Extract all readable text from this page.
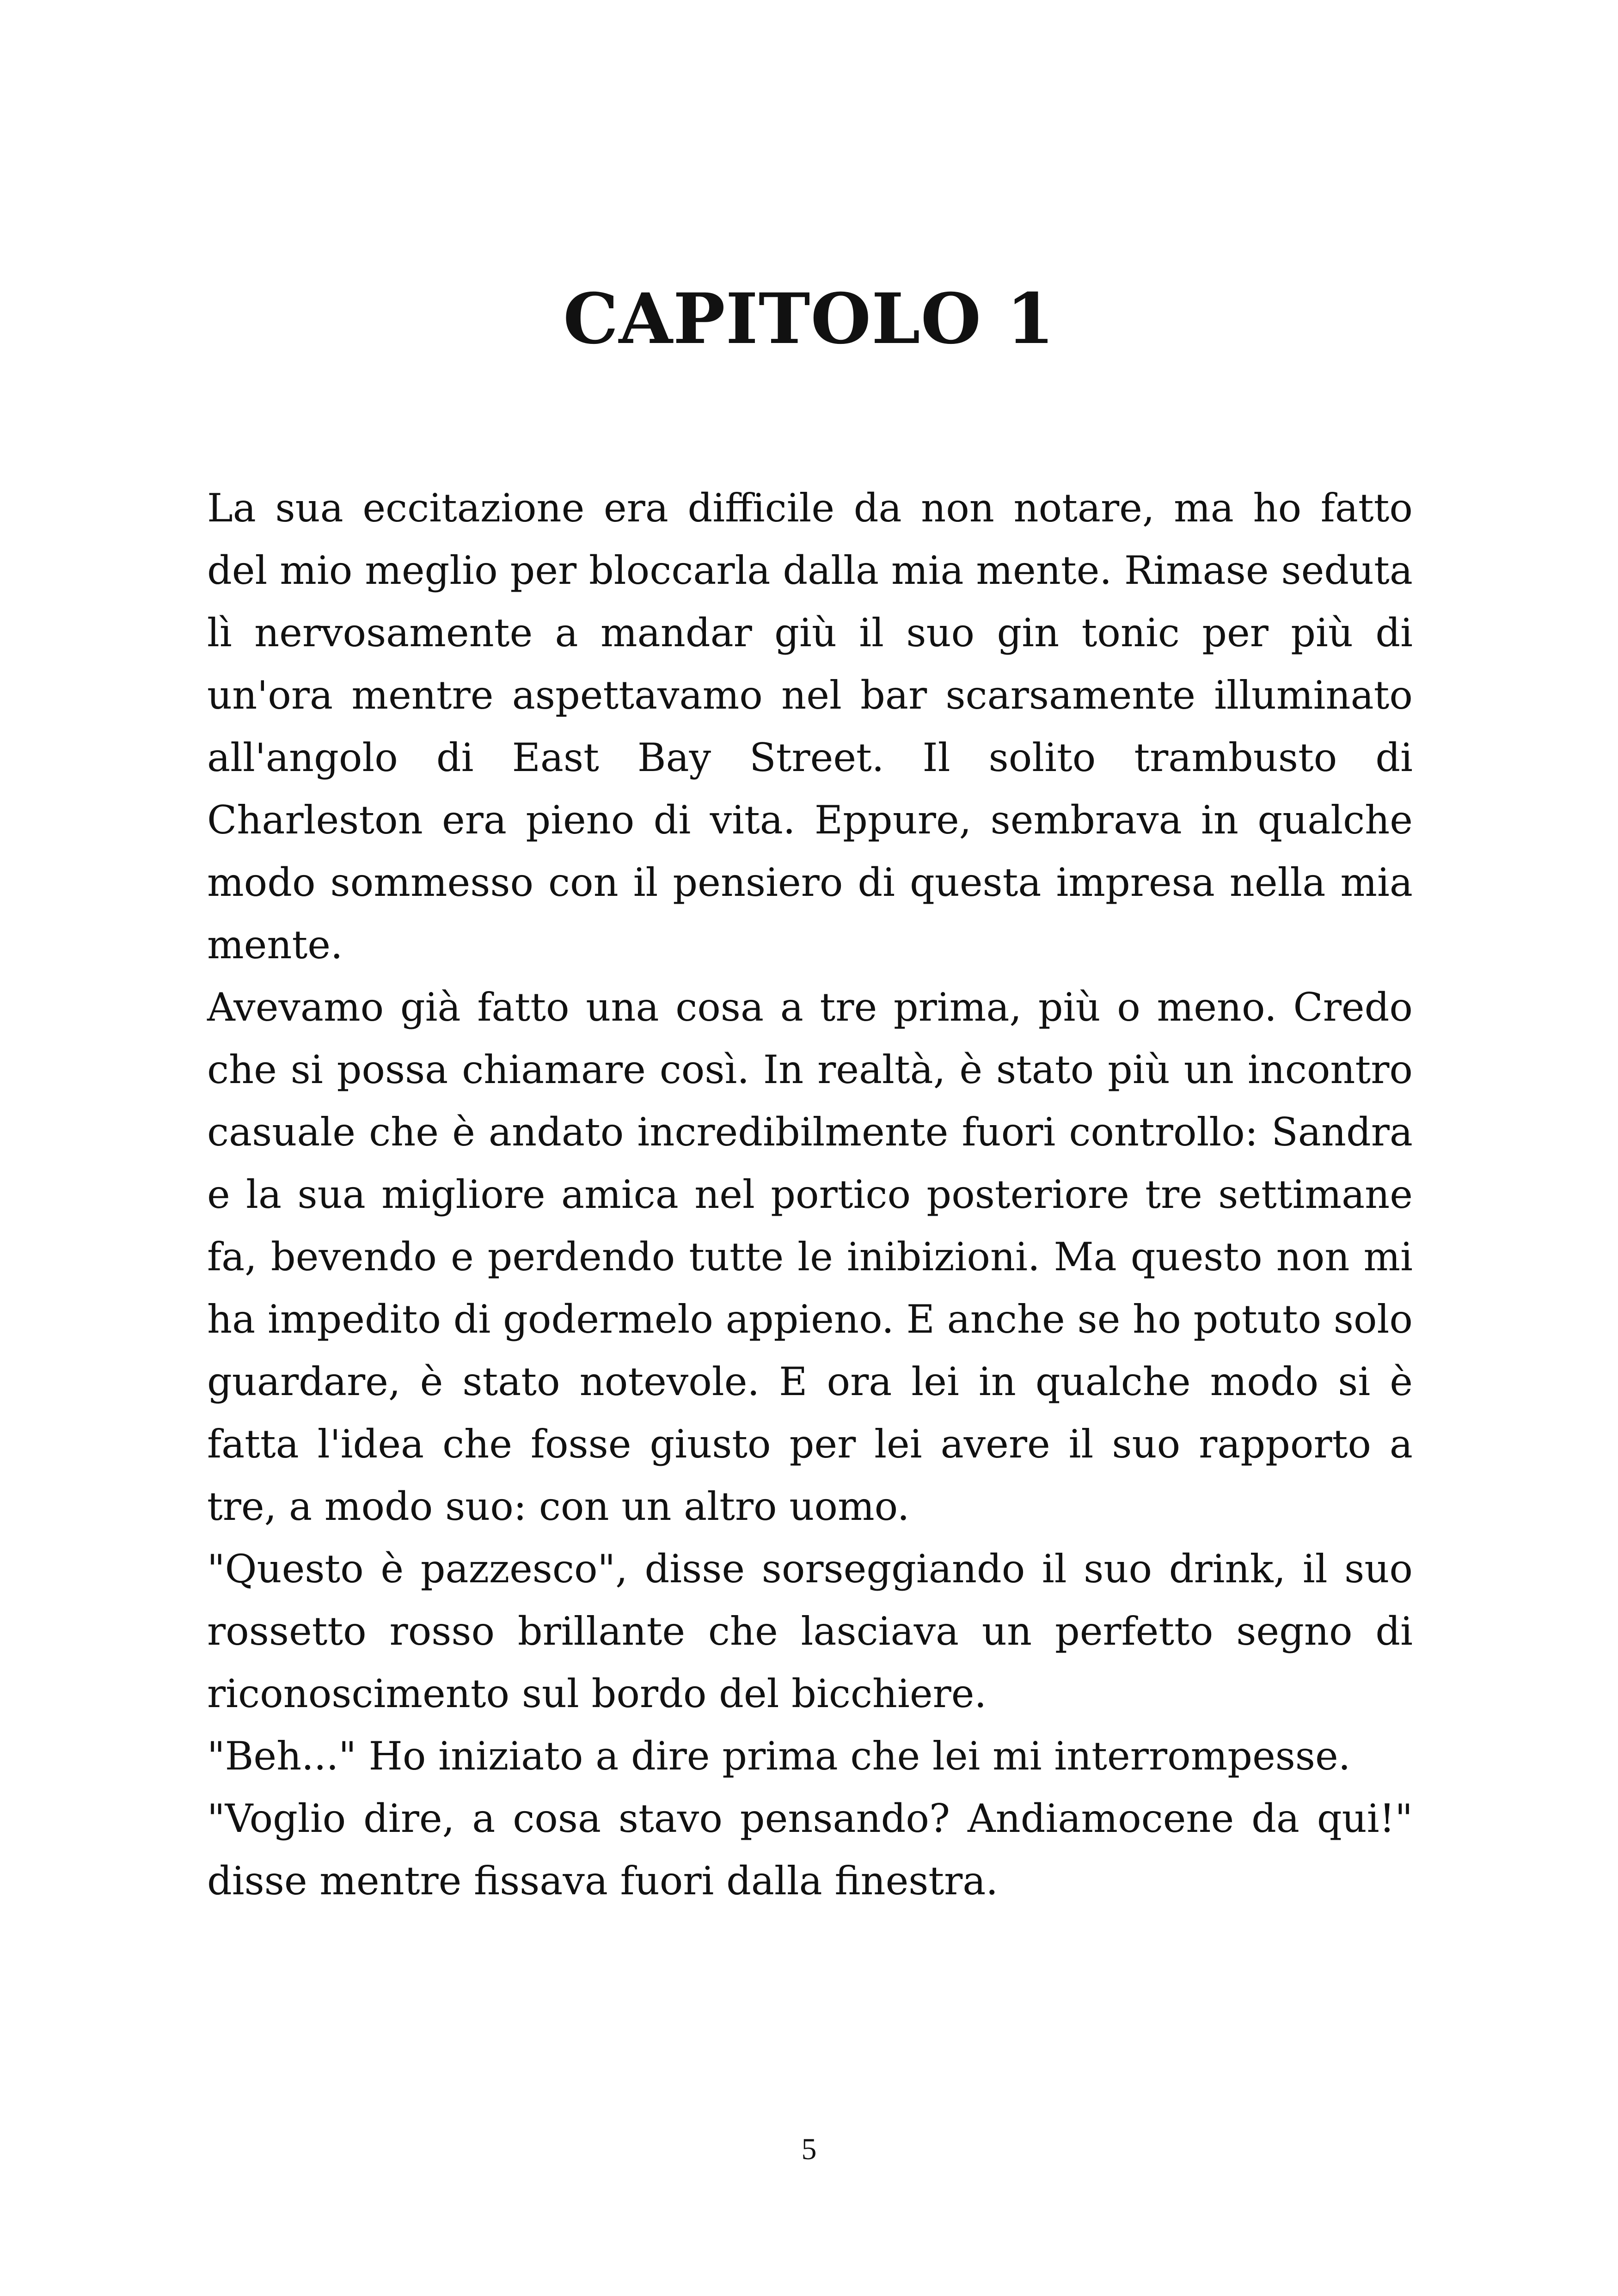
CAPITOLO 1

La sua eccitazione era difficile da non notare, ma ho fatto del mio meglio per bloccarla dalla mia mente. Rimase seduta lì nervosamente a mandar giù il suo gin tonic per più di un'ora mentre aspettavamo nel bar scarsamente illuminato all'angolo di East Bay Street. Il solito trambusto di Charleston era pieno di vita. Eppure, sembrava in qualche modo sommesso con il pensiero di questa impresa nella mia mente.

Avevamo già fatto una cosa a tre prima, più o meno. Credo che si possa chiamare così. In realtà, è stato più un incontro casuale che è andato incredibilmente fuori controllo: Sandra e la sua migliore amica nel portico posteriore tre settimane fa, bevendo e perdendo tutte le inibizioni. Ma questo non mi ha impedito di godermelo appieno. E anche se ho potuto solo guardare, è stato notevole. E ora lei in qualche modo si è fatta l'idea che fosse giusto per lei avere il suo rapporto a tre, a modo suo: con un altro uomo.

"Questo è pazzesco", disse sorseggiando il suo drink, il suo rossetto rosso brillante che lasciava un perfetto segno di riconoscimento sul bordo del bicchiere.

"Beh..." Ho iniziato a dire prima che lei mi interrompesse.

"Voglio dire, a cosa stavo pensando? Andiamocene da qui!" disse mentre fissava fuori dalla finestra.

5
